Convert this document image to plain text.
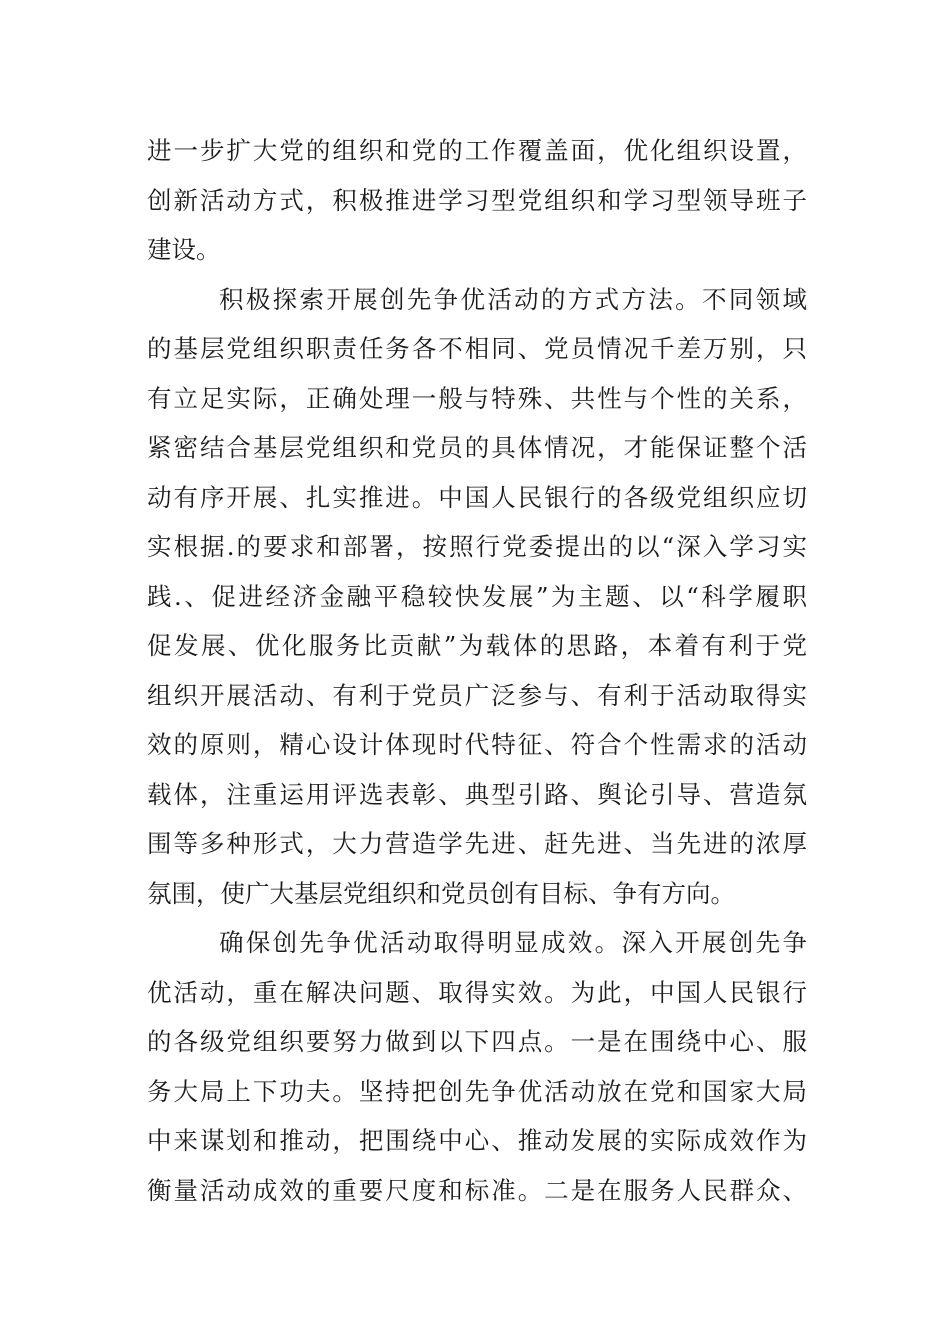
进一步扩大党的组织和党的工作覆盖面，优化组织设置，
创新活动方式，积极推进学习型党组织和学习型领导班子
建设。
积极探索开展创先争优活动的方式方法。不同领域
的基层党组织职责任务各不相同、党员情况千差万别，只
有立足实际，正确处理一般与特殊、共性与个性的关系，
紧密结合基层党组织和党员的具体情况，才能保证整个活
动有序开展、扎实推进。中国人民银行的各级党组织应切
实根据.的要求和部署，按照行党委提出的以“深入学习实
践.、促进经济金融平稳较快发展”为主题、以“科学履职
促发展、优化服务比贡献”为载体的思路，本着有利于党
组织开展活动、有利于党员广泛参与、有利于活动取得实
效的原则，精心设计体现时代特征、符合个性需求的活动
载体，注重运用评选表彰、典型引路、舆论引导、营造氛
围等多种形式，大力营造学先进、赶先进、当先进的浓厚
氛围，使广大基层党组织和党员创有目标、争有方向。
确保创先争优活动取得明显成效。深入开展创先争
优活动，重在解决问题、取得实效。为此，中国人民银行
的各级党组织要努力做到以下四点。一是在围绕中心、服
务大局上下功夫。坚持把创先争优活动放在党和国家大局
中来谋划和推动，把围绕中心、推动发展的实际成效作为
衡量活动成效的重要尺度和标准。二是在服务人民群众、
